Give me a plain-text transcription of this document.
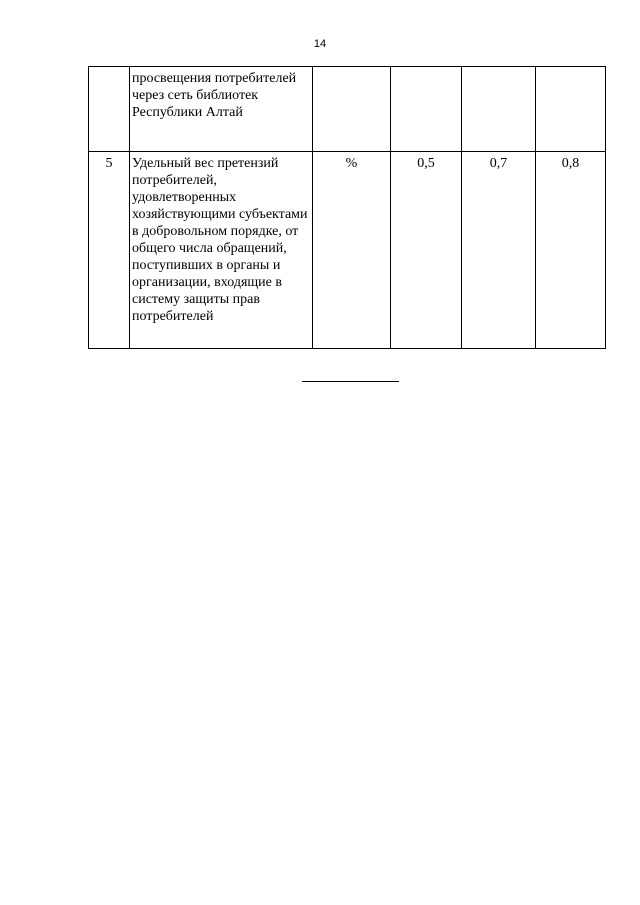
14
	просвещения потребителей через сеть библиотек Республики Алтай				
5	Удельный вес претензий потребителей, удовлетворенных хозяйствующими субъектами в добровольном порядке, от общего числа обращений, поступивших в органы и организации, входящие в систему защиты прав потребителей	%	0,5	0,7	0,8
